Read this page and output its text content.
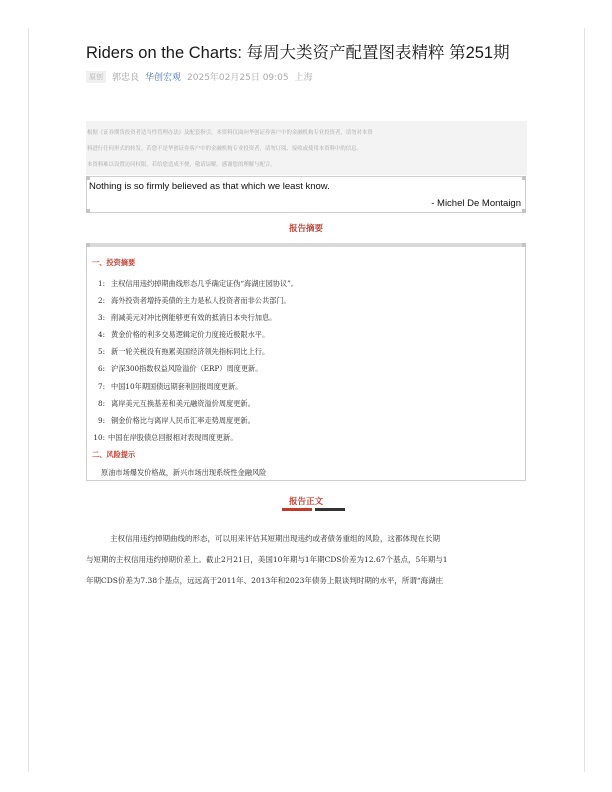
Riders on the Charts: 每周大类资产配置图表精粹 第251期
原创	郭忠良 华创宏观 2025年02月25日 09:05 上海

根据《证券期货投资者适当性管理办法》及配套指引，本资料仅面向华创证券客户中的金融机构专业投资者，请勿对本资

料进行任何形式的转发。若您不是华创证券客户中的金融机构专业投资者，请勿订阅、接收或使用本资料中的信息。

本资料难以设置访问权限，若给您造成不便，敬请谅解。感谢您的理解与配合。

Nothing is so firmly believed as that which we least know.
- Michel De Montaign
报告摘要
一、投资摘要
1: 主权信用违约掉期曲线形态几乎确定证伪“海湖庄园协议”。
2: 海外投资者增持美债的主力是私人投资者而非公共部门。
3: 削减美元对冲比例能够更有效的抵消日本央行加息。
4: 黄金价格的利多交易逻辑定价力度接近极限水平。
5: 新一轮关税没有拖累美国经济领先指标同比上行。
6: 沪深300指数权益风险溢价（ERP）周度更新。
7: 中国10年期国债远期套利回报周度更新。
8: 离岸美元互换基差和美元融资溢价周度更新。
9: 铜金价格比与离岸人民币汇率走势周度更新。
10: 中国在岸股债总回报相对表现周度更新。
二、风险提示
原油市场爆发价格战，新兴市场出现系统性金融风险
报告正文

主权信用违约掉期曲线的形态，可以用来评估其短期出现违约或者债务重组的风险，这都体现在长期

与短期的主权信用违约掉期价差上。截止2月21日，美国10年期与1年期CDS价差为12.67个基点，5年期与1

年期CDS价差为7.38个基点，远远高于2011年、2013年和2023年债务上限谈判时期的水平，所谓“海湖庄
